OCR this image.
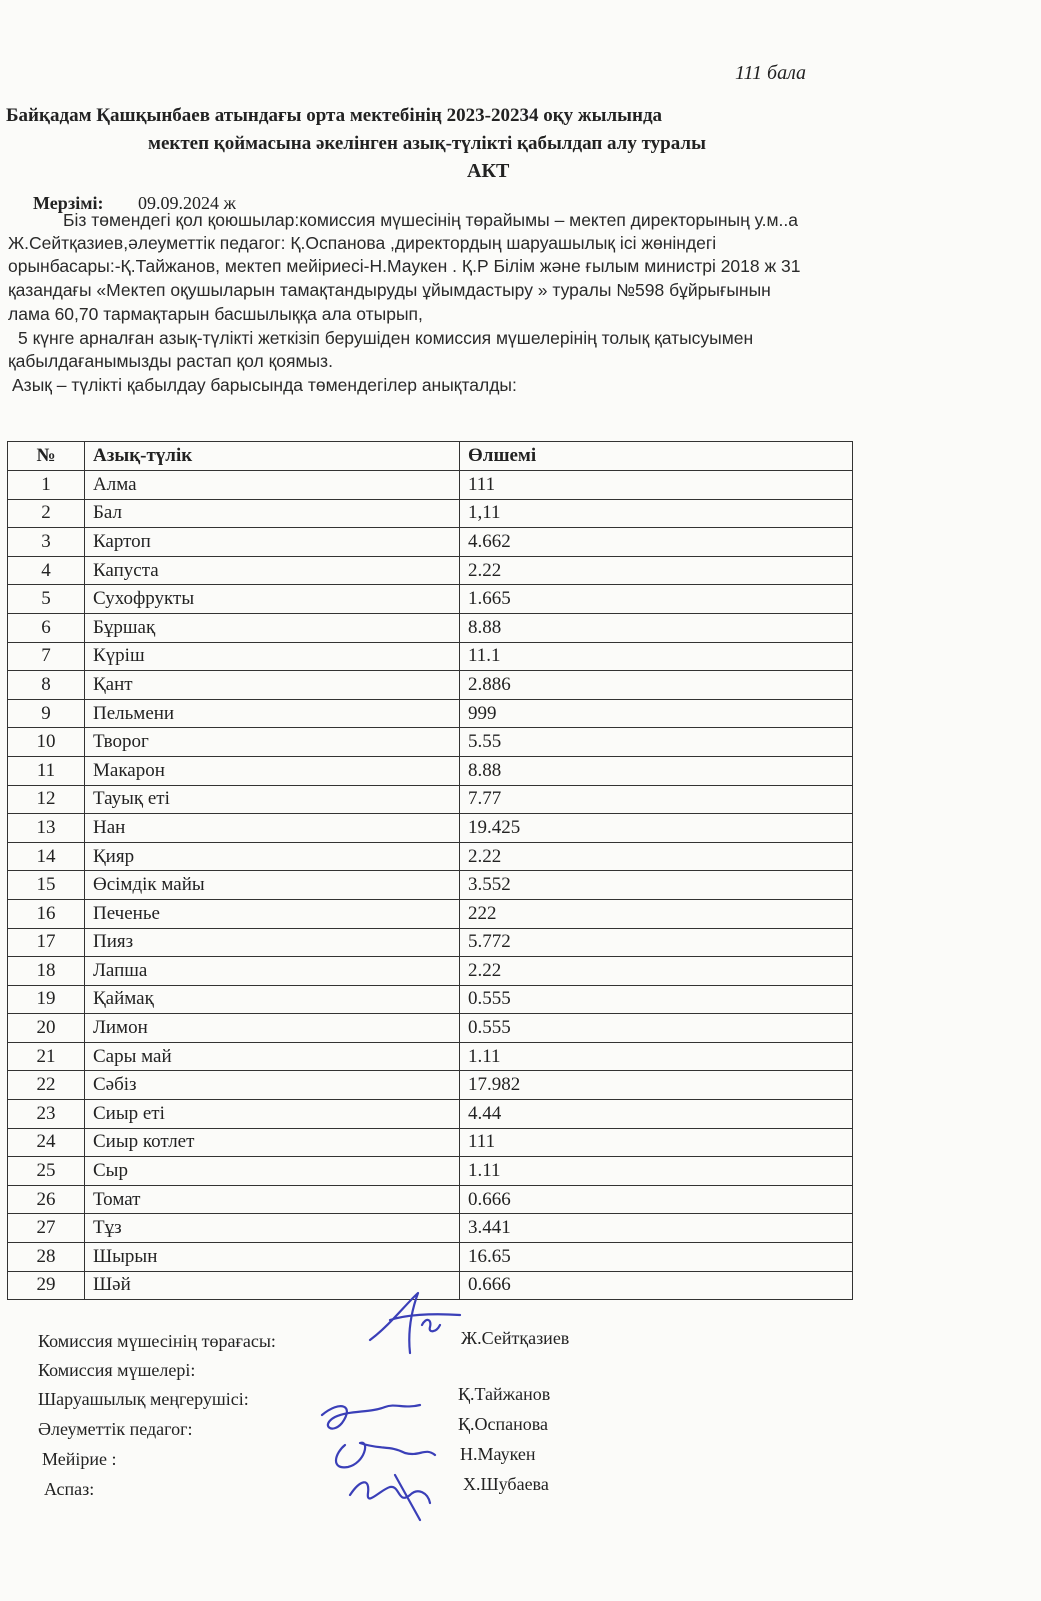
111 бала
Байқадам Қашқынбаев атындағы орта мектебінің 2023-20234 оқу жылында
мектеп қоймасына әкелінген азық-түлікті қабылдап алу туралы
АКТ
Мерзімі: 09.09.2024 ж
Біз төмендегі қол қоюшылар:комиссия мүшесінің төрайымы – мектеп директорының у.м..а
Ж.Сейтқазиев,әлеуметтік педагог: Қ.Оспанова ,директордың шаруашылық ісі жөніндегі
орынбасары:-Қ.Тайжанов, мектеп мейіриесі-Н.Маукен . Қ.Р Білім және ғылым министрі 2018 ж 31
қазандағы «Мектеп оқушыларын тамақтандыруды ұйымдастыру » туралы №598 бұйрығынын
лама 60,70 тармақтарын басшылыққа ала отырып,
5 күнге арналған азық-түлікті жеткізіп берушіден комиссия мүшелерінің толық қатысуымен
қабылдағанымызды растап қол қоямыз.
Азық – түлікті қабылдау барысында төмендегілер анықталды:
№	Азық-түлік	Өлшемі
1	Алма	111
2	Бал	1,11
3	Картоп	4.662
4	Капуста	2.22
5	Сухофрукты	1.665
6	Бұршақ	8.88
7	Күріш	11.1
8	Қант	2.886
9	Пельмени	999
10	Творог	5.55
11	Макарон	8.88
12	Тауық еті	7.77
13	Нан	19.425
14	Қияр	2.22
15	Өсімдік майы	3.552
16	Печенье	222
17	Пияз	5.772
18	Лапша	2.22
19	Қаймақ	0.555
20	Лимон	0.555
21	Сары май	1.11
22	Сәбіз	17.982
23	Сиыр еті	4.44
24	Сиыр котлет	111
25	Сыр	1.11
26	Томат	0.666
27	Тұз	3.441
28	Шырын	16.65
29	Шәй	0.666
Комиссия мүшесінің төрағасы:	Ж.Сейтқазиев
Комиссия мүшелері:
Шаруашылық меңгерушісі:	Қ.Тайжанов
Әлеуметтік педагог:	Қ.Оспанова
Мейірие :	Н.Маукен
Аспаз:	Х.Шубаева
